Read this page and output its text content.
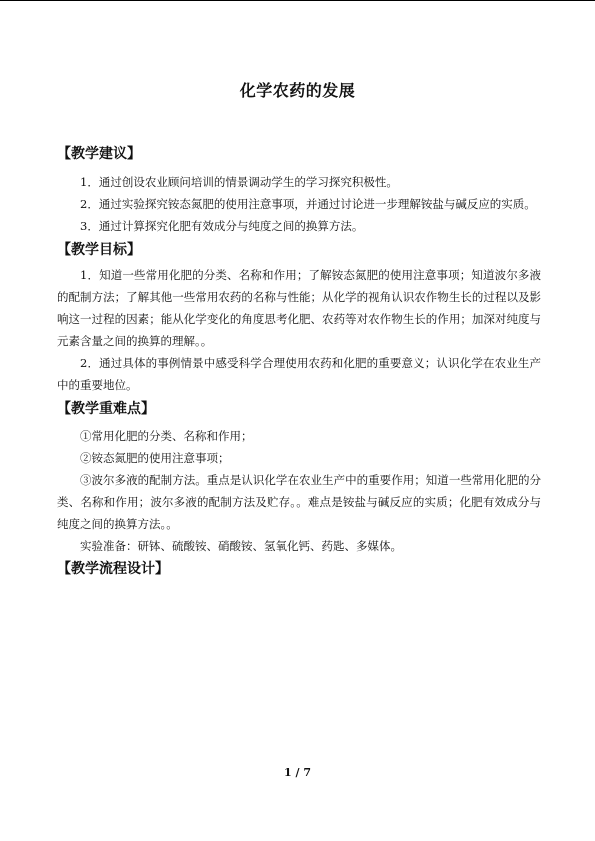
化学农药的发展
【教学建议】
1．通过创设农业顾问培训的情景调动学生的学习探究积极性。
2．通过实验探究铵态氮肥的使用注意事项，并通过讨论进一步理解铵盐与碱反应的实质。
3．通过计算探究化肥有效成分与纯度之间的换算方法。
【教学目标】
1．知道一些常用化肥的分类、名称和作用；了解铵态氮肥的使用注意事项；知道波尔多液的配制方法；了解其他一些常用农药的名称与性能；从化学的视角认识农作物生长的过程以及影响这一过程的因素；能从化学变化的角度思考化肥、农药等对农作物生长的作用；加深对纯度与元素含量之间的换算的理解。。
2．通过具体的事例情景中感受科学合理使用农药和化肥的重要意义；认识化学在农业生产中的重要地位。
【教学重难点】
①常用化肥的分类、名称和作用；
②铵态氮肥的使用注意事项；
③波尔多液的配制方法。重点是认识化学在农业生产中的重要作用；知道一些常用化肥的分类、名称和作用；波尔多液的配制方法及贮存。。难点是铵盐与碱反应的实质；化肥有效成分与纯度之间的换算方法。。
实验准备：研钵、硫酸铵、硝酸铵、氢氧化钙、药匙、多媒体。
【教学流程设计】
1 / 7
